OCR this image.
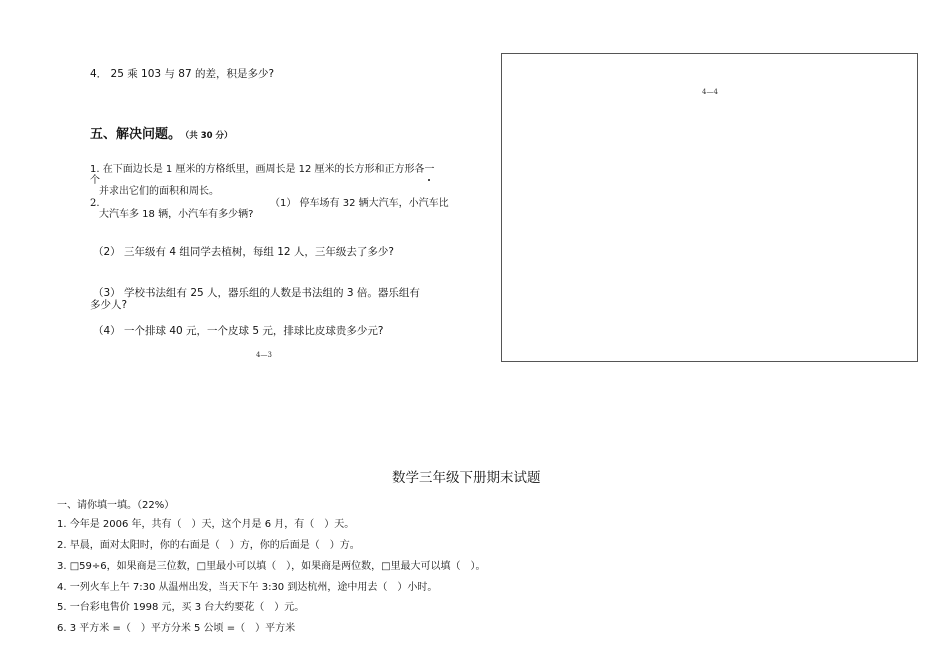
4． 25 乘 103 与 87 的差，积是多少?
五、解决问题。 （共 30 分）
1. 在下面边长是 1 厘米的方格纸里，画周长是 12 厘米的长方形和正方形各一
个
并求出它们的面积和周长。
2.	（1） 停车场有 32 辆大汽车，小汽车比
大汽车多 18 辆，小汽车有多少辆?
（2） 三年级有 4 组同学去植树，每组 12 人，三年级去了多少?
（3） 学校书法组有 25 人，器乐组的人数是书法组的 3 倍。器乐组有
多少人?
（4） 一个排球 40 元，一个皮球 5 元，排球比皮球贵多少元?
4—3
4—4
数学三年级下册期末试题
一、请你填一填。（22%）
1. 今年是 2006 年，共有（　）天，这个月是 6 月，有（　）天。
2. 早晨，面对太阳时，你的右面是（　）方，你的后面是（　）方。
3. □59÷6，如果商是三位数，□里最小可以填（　），如果商是两位数，□里最大可以填（　）。
4. 一列火车上午 7:30 从温州出发，当天下午 3:30 到达杭州，途中用去（　）小时。
5. 一台彩电售价 1998 元，买 3 台大约要花（　）元。
6. 3 平方米 =（　）平方分米 5 公顷 =（　）平方米
